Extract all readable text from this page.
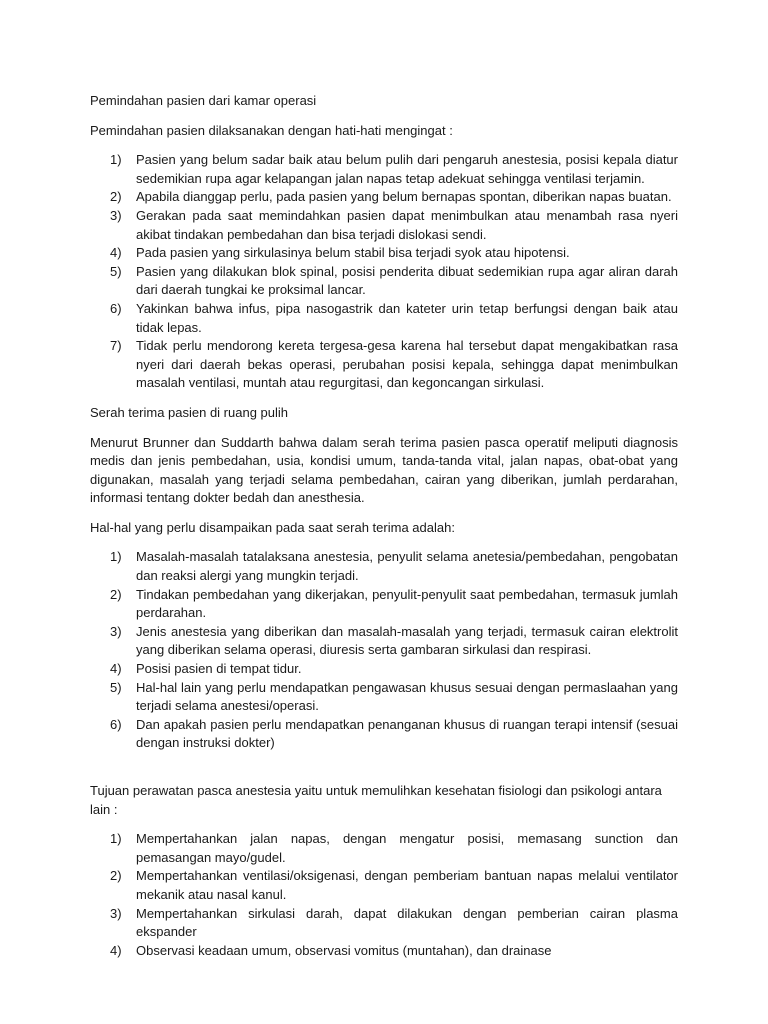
Pemindahan pasien dari kamar operasi

Pemindahan pasien dilaksanakan dengan hati-hati mengingat :

1) Pasien yang belum sadar baik atau belum pulih dari pengaruh anestesia, posisi kepala diatur sedemikian rupa agar kelapangan jalan napas tetap adekuat sehingga ventilasi terjamin.
2) Apabila dianggap perlu, pada pasien yang belum bernapas spontan, diberikan napas buatan.
3) Gerakan pada saat memindahkan pasien dapat menimbulkan atau menambah rasa nyeri akibat tindakan pembedahan dan bisa terjadi dislokasi sendi.
4) Pada pasien yang sirkulasinya belum stabil bisa terjadi syok atau hipotensi.
5) Pasien yang dilakukan blok spinal, posisi penderita dibuat sedemikian rupa agar aliran darah dari daerah tungkai ke proksimal lancar.
6) Yakinkan bahwa infus, pipa nasogastrik dan kateter urin tetap berfungsi dengan baik atau tidak lepas.
7) Tidak perlu mendorong kereta tergesa-gesa karena hal tersebut dapat mengakibatkan rasa nyeri dari daerah bekas operasi, perubahan posisi kepala, sehingga dapat menimbulkan masalah ventilasi, muntah atau regurgitasi, dan kegoncangan sirkulasi.

Serah terima pasien di ruang pulih

Menurut Brunner dan Suddarth bahwa dalam serah terima pasien pasca operatif meliputi diagnosis medis dan jenis pembedahan, usia, kondisi umum, tanda-tanda vital, jalan napas, obat-obat yang digunakan, masalah yang terjadi selama pembedahan, cairan yang diberikan, jumlah perdarahan, informasi tentang dokter bedah dan anesthesia.

Hal-hal yang perlu disampaikan pada saat serah terima adalah:

1) Masalah-masalah tatalaksana anestesia, penyulit selama anetesia/pembedahan, pengobatan dan reaksi alergi yang mungkin terjadi.
2) Tindakan pembedahan yang dikerjakan, penyulit-penyulit saat pembedahan, termasuk jumlah perdarahan.
3) Jenis anestesia yang diberikan dan masalah-masalah yang terjadi, termasuk cairan elektrolit yang diberikan selama operasi, diuresis serta gambaran sirkulasi dan respirasi.
4) Posisi pasien di tempat tidur.
5) Hal-hal lain yang perlu mendapatkan pengawasan khusus sesuai dengan permaslaahan yang terjadi selama anestesi/operasi.
6) Dan apakah pasien perlu mendapatkan penanganan khusus di ruangan terapi intensif (sesuai dengan instruksi dokter)

Tujuan perawatan pasca anestesia yaitu untuk memulihkan kesehatan fisiologi dan psikologi antara lain :

1) Mempertahankan jalan napas, dengan mengatur posisi, memasang sunction dan pemasangan mayo/gudel.
2) Mempertahankan ventilasi/oksigenasi, dengan pemberiam bantuan napas melalui ventilator mekanik atau nasal kanul.
3) Mempertahankan sirkulasi darah, dapat dilakukan dengan pemberian cairan plasma ekspander
4) Observasi keadaan umum, observasi vomitus (muntahan), dan drainase
